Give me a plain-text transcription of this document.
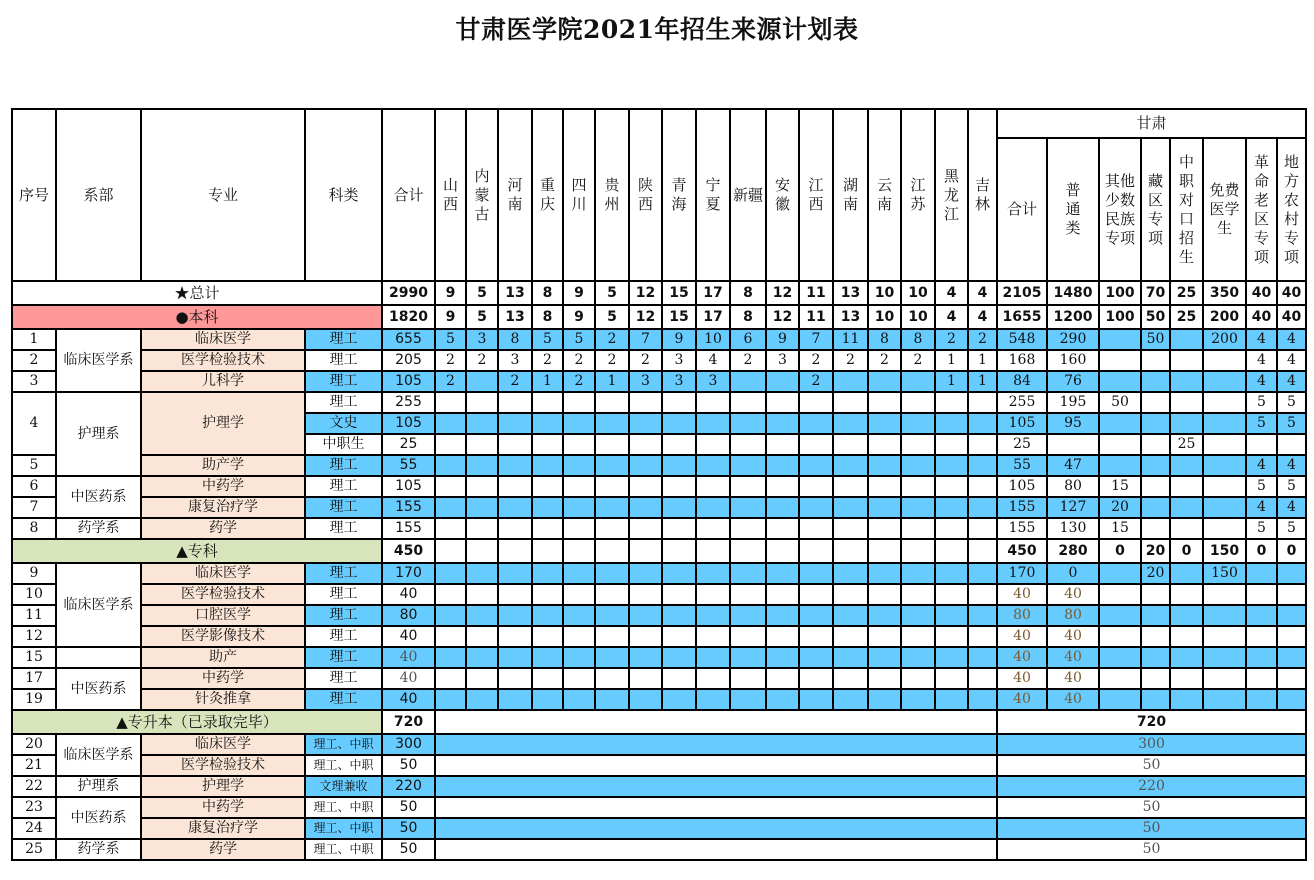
甘肃医学院2021年招生来源计划表
序号	系部	专业	科类	合计	山西	内蒙古	河南	重庆	四川	贵州	陕西	青海	宁夏	新疆	安徽	江西	湖南	云南	江苏	黑龙江	吉林	甘肃							
																						合计	普通类	其他少数民族专项	藏区专项	中职对口招生	免费医学生	革命老区专项	地方农村专项
★总计				2990	9	5	13	8	9	5	12	15	17	8	12	11	13	10	10	4	4	2105	1480	100	70	25	350	40	40
●本科				1820	9	5	13	8	9	5	12	15	17	8	12	11	13	10	10	4	4	1655	1200	100	50	25	200	40	40
1	临床医学系	临床医学	理工	655	5	3	8	5	5	2	7	9	10	6	9	7	11	8	8	2	2	548	290		50		200	4	4
2		医学检验技术	理工	205	2	2	3	2	2	2	2	3	4	2	3	2	2	2	2	1	1	168	160					4	4
3		儿科学	理工	105	2		2	1	2	1	3	3	3			2				1	1	84	76					4	4
4	护理系	护理学	理工	255																		255	195	50				5	5
			文史	105																		105	95					5	5
			中职生	25																		25				25			
5		助产学	理工	55																		55	47					4	4
6	中医药系	中药学	理工	105																		105	80	15				5	5
7		康复治疗学	理工	155																		155	127	20				4	4
8	药学系	药学	理工	155																		155	130	15				5	5
▲专科				450																		450	280	0	20	0	150	0	0
9	临床医学系	临床医学	理工	170																		170	0		20		150		
10		医学检验技术	理工	40																		40	40						
11		口腔医学	理工	80																		80	80						
12		医学影像技术	理工	40																		40	40						
15		助产	理工	40																		40	40						
17	中医药系	中药学	理工	40																		40	40						
19		针灸推拿	理工	40																		40	40						
▲专升本（已录取完毕）				720																		720							
20	临床医学系	临床医学	理工、中职	300																		300							
21		医学检验技术	理工、中职	50																		50							
22	护理系	护理学	文理兼收	220																		220							
23	中医药系	中药学	理工、中职	50																		50							
24		康复治疗学	理工、中职	50																		50							
25	药学系	药学	理工、中职	50																		50							
